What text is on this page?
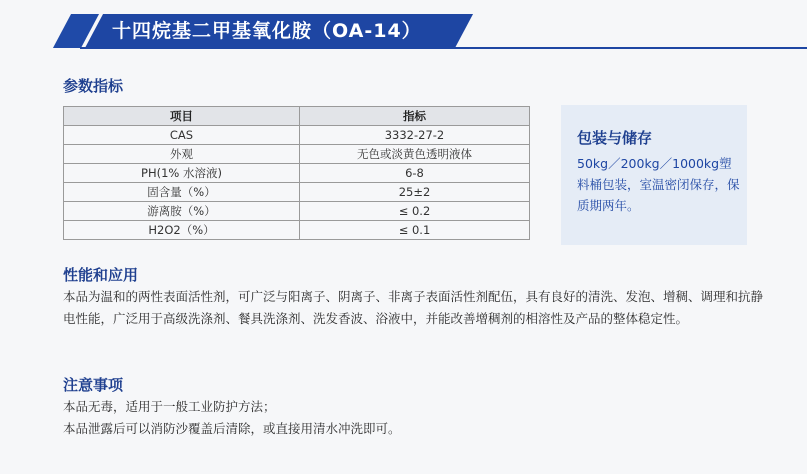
十四烷基二甲基氧化胺（OA-14）
参数指标
项目	指标
CAS	3332-27-2
外观	无色或淡黄色透明液体
PH(1% 水溶液)	6-8
固含量（%）	25±2
游离胺（%）	≤ 0.2
H2O2（%）	≤ 0.1
包装与储存
50kg／200kg／1000kg塑料桶包装，室温密闭保存，保质期两年。
性能和应用
本品为温和的两性表面活性剂，可广泛与阳离子、阴离子、非离子表面活性剂配伍，具有良好的清洗、发泡、增稠、调理和抗静电性能，广泛用于高级洗涤剂、餐具洗涤剂、洗发香波、浴液中，并能改善增稠剂的相溶性及产品的整体稳定性。
注意事项
本品无毒，适用于一般工业防护方法；
本品泄露后可以消防沙覆盖后清除，或直接用清水冲洗即可。
